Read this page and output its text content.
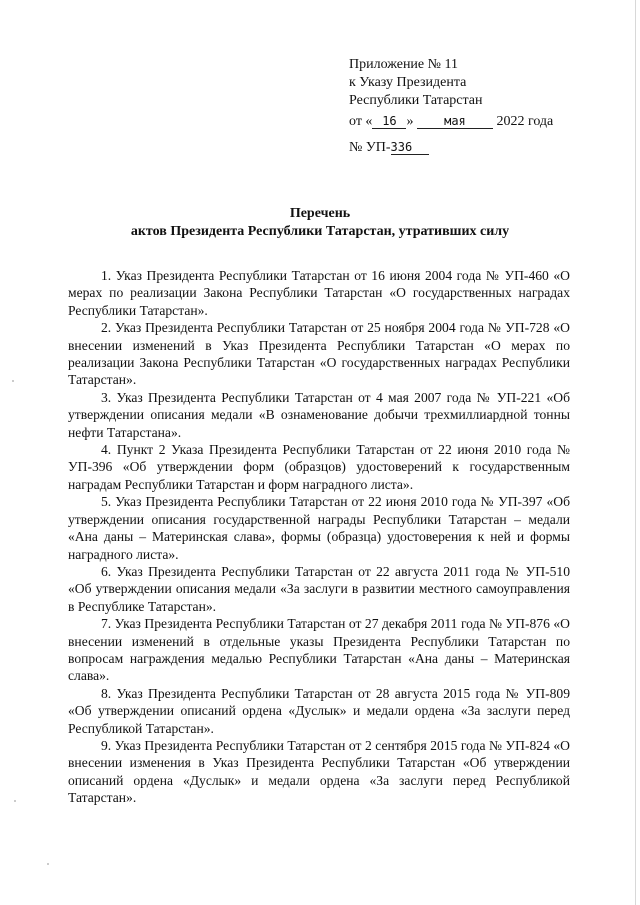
Приложение № 11
к Указу Президента
Республики Татарстан
от « 16 »	мая 2022 года
№ УП-336
Перечень
актов Президента Республики Татарстан, утративших силу

1. Указ Президента Республики Татарстан от 16 июня 2004 года № УП-460 «О мерах по реализации Закона Республики Татарстан «О государственных наградах Республики Татарстан».

2. Указ Президента Республики Татарстан от 25 ноября 2004 года № УП-728 «О внесении изменений в Указ Президента Республики Татарстан «О мерах по реализации Закона Республики Татарстан «О государственных наградах Республики Татарстан».

3. Указ Президента Республики Татарстан от 4 мая 2007 года № УП-221 «Об утверждении описания медали «В ознаменование добычи трехмиллиардной тонны нефти Татарстана».

4. Пункт 2 Указа Президента Республики Татарстан от 22 июня 2010 года № УП-396 «Об утверждении форм (образцов) удостоверений к государственным наградам Республики Татарстан и форм наградного листа».

5. Указ Президента Республики Татарстан от 22 июня 2010 года № УП-397 «Об утверждении описания государственной награды Республики Татарстан – медали «Ана даны – Материнская слава», формы (образца) удостоверения к ней и формы наградного листа».

6. Указ Президента Республики Татарстан от 22 августа 2011 года № УП-510 «Об утверждении описания медали «За заслуги в развитии местного самоуправления в Республике Татарстан».

7. Указ Президента Республики Татарстан от 27 декабря 2011 года № УП-876 «О внесении изменений в отдельные указы Президента Республики Татарстан по вопросам награждения медалью Республики Татарстан «Ана даны – Материнская слава».

8. Указ Президента Республики Татарстан от 28 августа 2015 года № УП-809 «Об утверждении описаний ордена «Дуслык» и медали ордена «За заслуги перед Республикой Татарстан».

9. Указ Президента Республики Татарстан от 2 сентября 2015 года № УП-824 «О внесении изменения в Указ Президента Республики Татарстан «Об утверждении описаний ордена «Дуслык» и медали ордена «За заслуги перед Республикой Татарстан».
